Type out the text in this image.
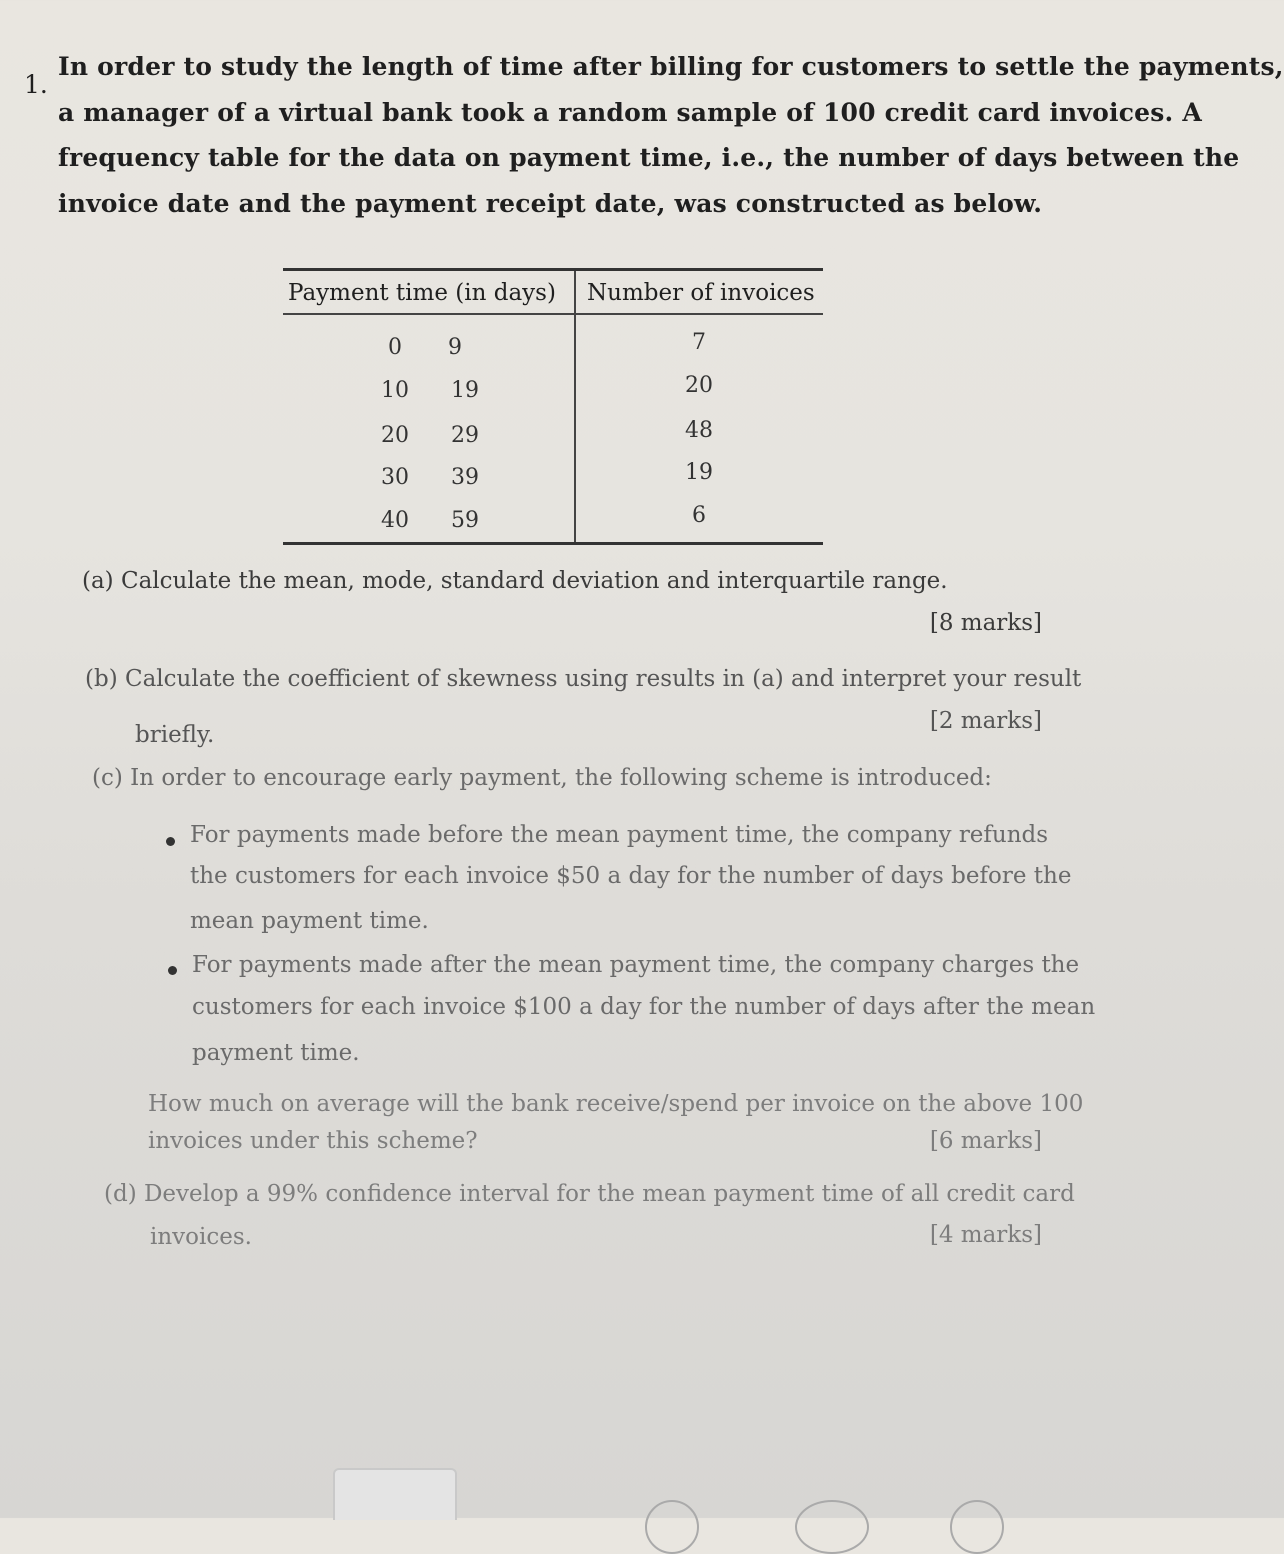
1.
In order to study the length of time after billing for customers to settle the payments,
a manager of a virtual bank took a random sample of 100 credit card invoices. A
frequency table for the data on payment time, i.e., the number of days between the
invoice date and the payment receipt date, was constructed as below.
Payment time (in days) Number of invoices
0	9	7
10	19	20
20	29	48
30	39	19
40	59	6
(a) Calculate the mean, mode, standard deviation and interquartile range.
[8 marks]
(b) Calculate the coefficient of skewness using results in (a) and interpret your result
briefly.
[2 marks]
(c) In order to encourage early payment, the following scheme is introduced:
For payments made before the mean payment time, the company refunds
the customers for each invoice $50 a day for the number of days before the
mean payment time.
For payments made after the mean payment time, the company charges the
customers for each invoice $100 a day for the number of days after the mean
payment time.
How much on average will the bank receive/spend per invoice on the above 100
invoices under this scheme?	[6 marks]
(d) Develop a 99% confidence interval for the mean payment time of all credit card
invoices.	[4 marks]
